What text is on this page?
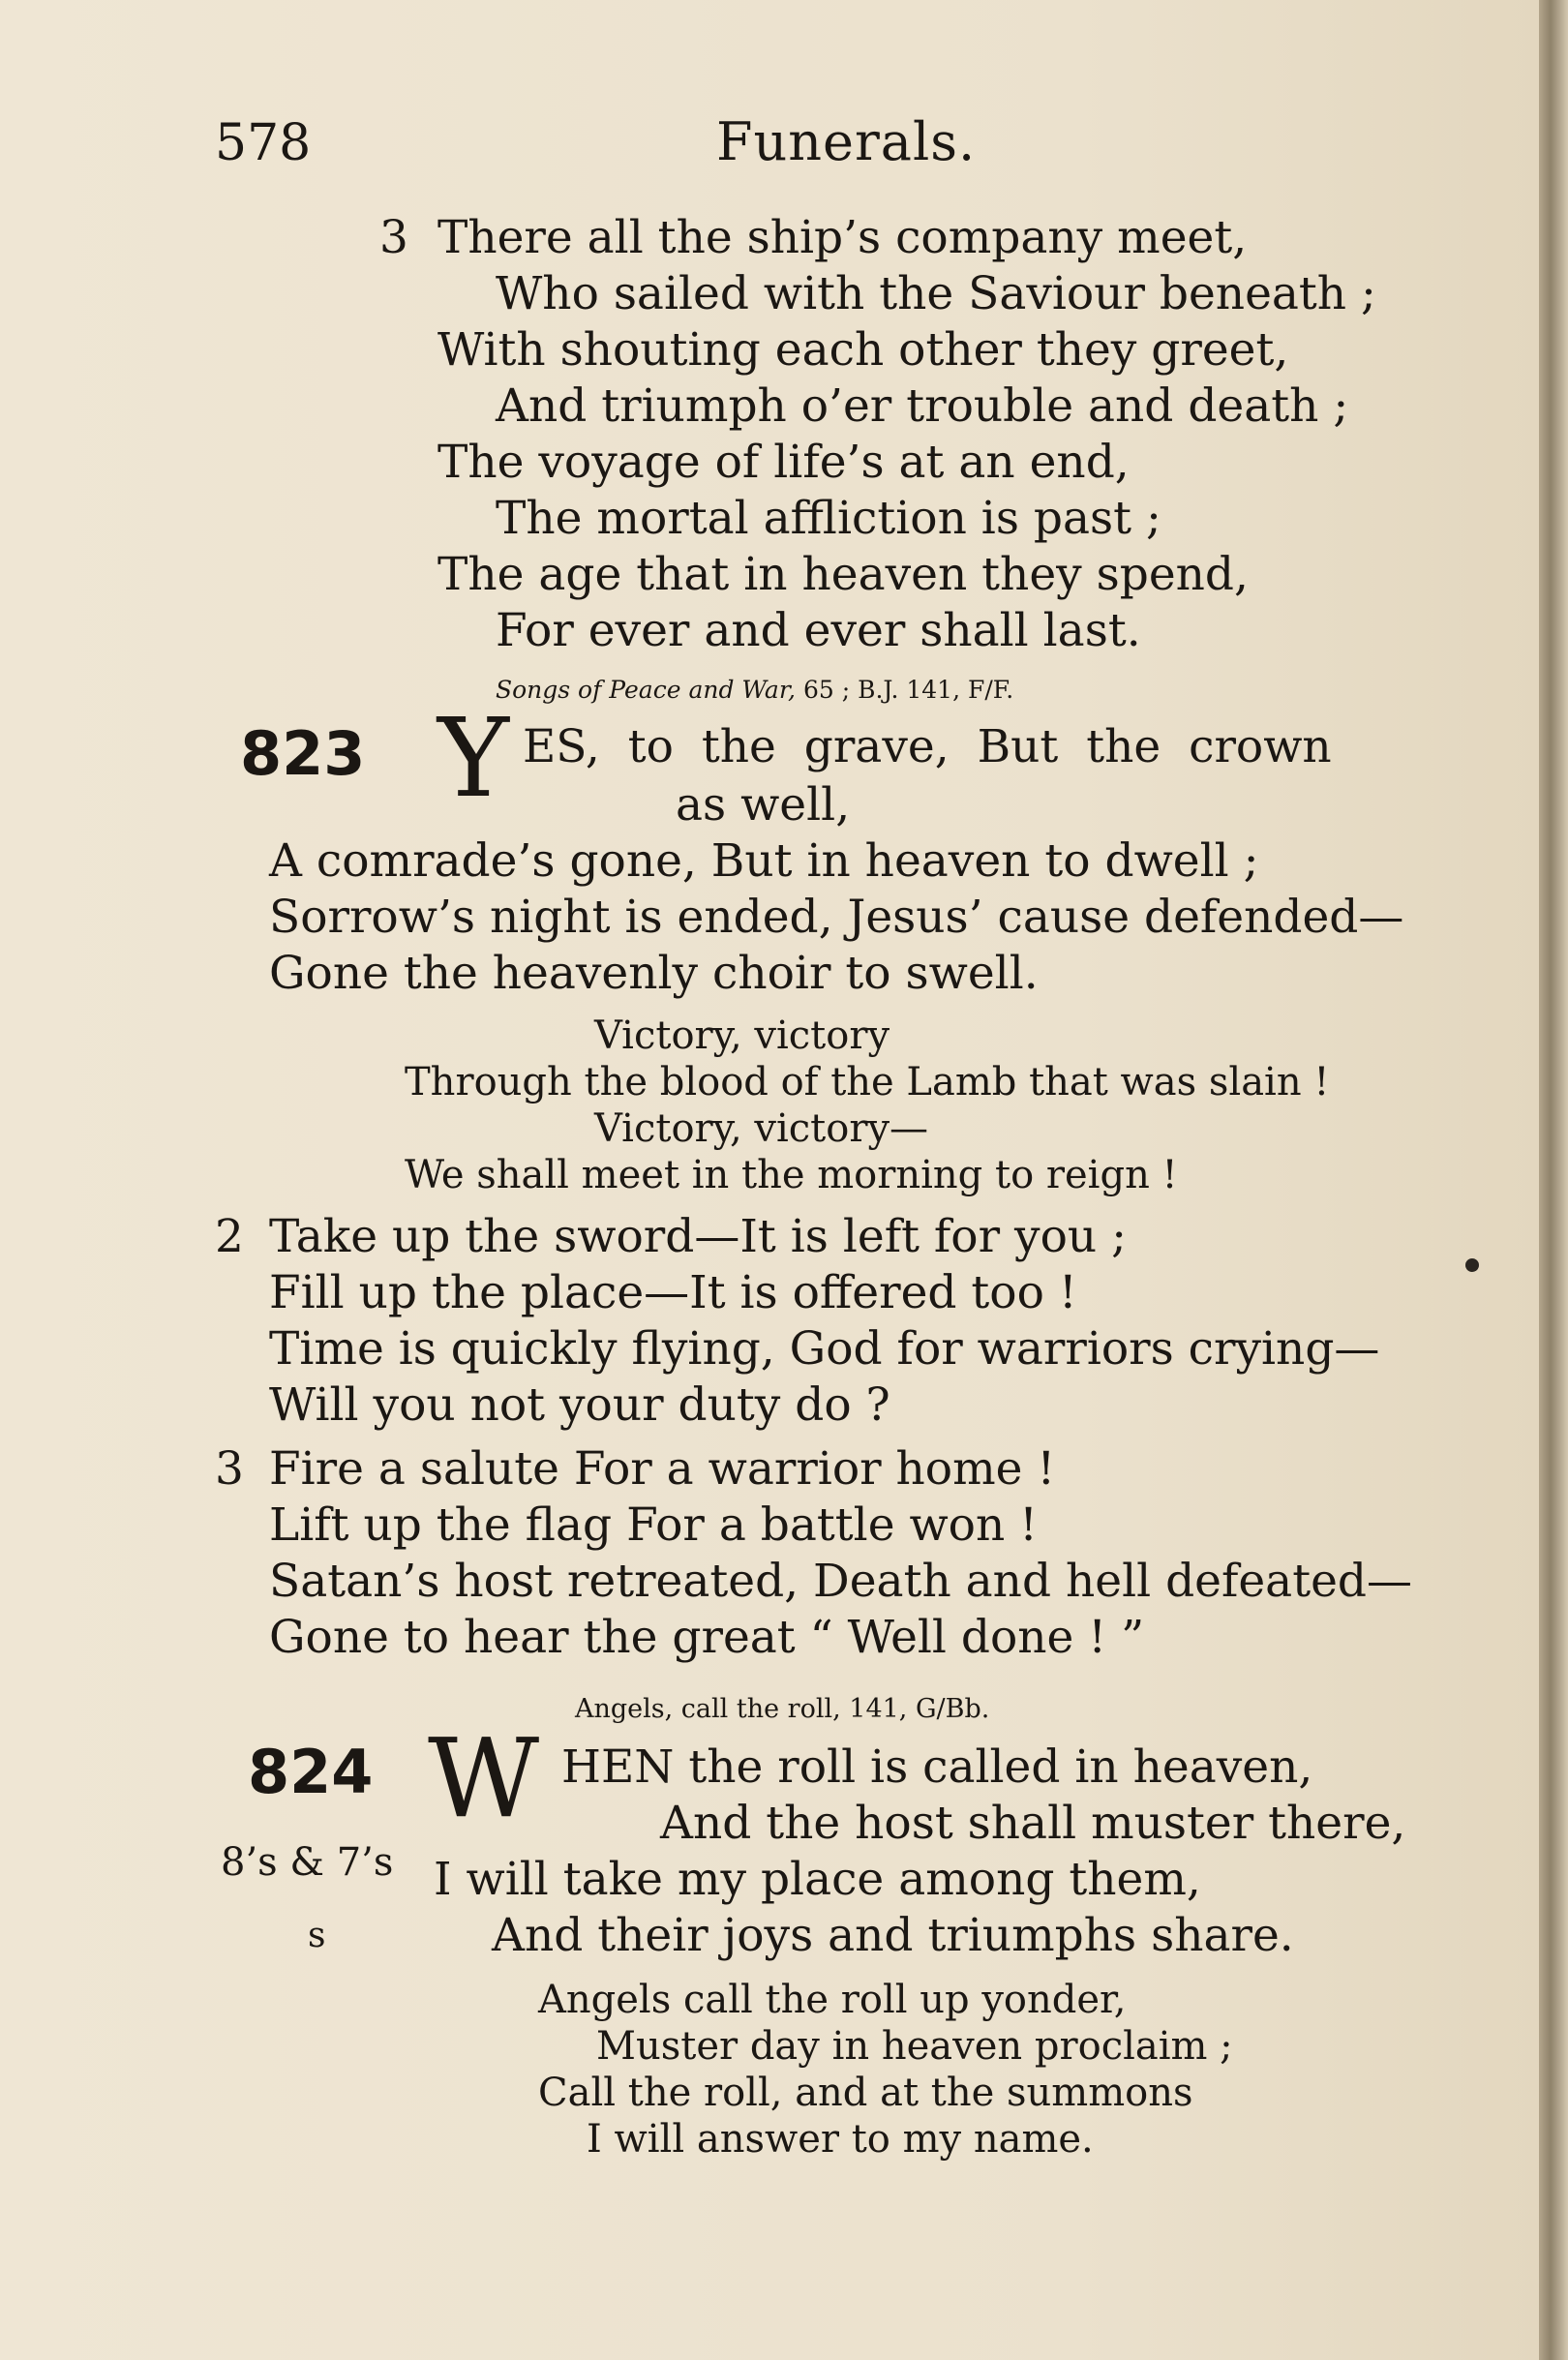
578	Funerals.
3 There all the ship’s company meet,
Who sailed with the Saviour beneath ;
With shouting each other they greet,
And triumph o’er trouble and death ;
The voyage of life’s at an end,
The mortal affliction is past ;
The age that in heaven they spend,
For ever and ever shall last.
Songs of Peace and War, 65 ; B.J. 141, F/F.
823 Y ES, to the grave, But the crown
as well,
A comrade’s gone, But in heaven to dwell ;
Sorrow’s night is ended, Jesus’ cause defended—
Gone the heavenly choir to swell.
Victory, victory
Through the blood of the Lamb that was slain !
Victory, victory—
We shall meet in the morning to reign !
2 Take up the sword—It is left for you ;
Fill up the place—It is offered too !
Time is quickly flying, God for warriors crying—
Will you not your duty do ?
3 Fire a salute For a warrior home !
Lift up the flag For a battle won !
Satan’s host retreated, Death and hell defeated—
Gone to hear the great “ Well done ! ”
Angels, call the roll, 141, G/Bb.
824 W HEN the roll is called in heaven,
And the host shall muster there,
8’s & 7’s I will take my place among them,
s	And their joys and triumphs share.
Angels call the roll up yonder,
Muster day in heaven proclaim ;
Call the roll, and at the summons
I will answer to my name.
